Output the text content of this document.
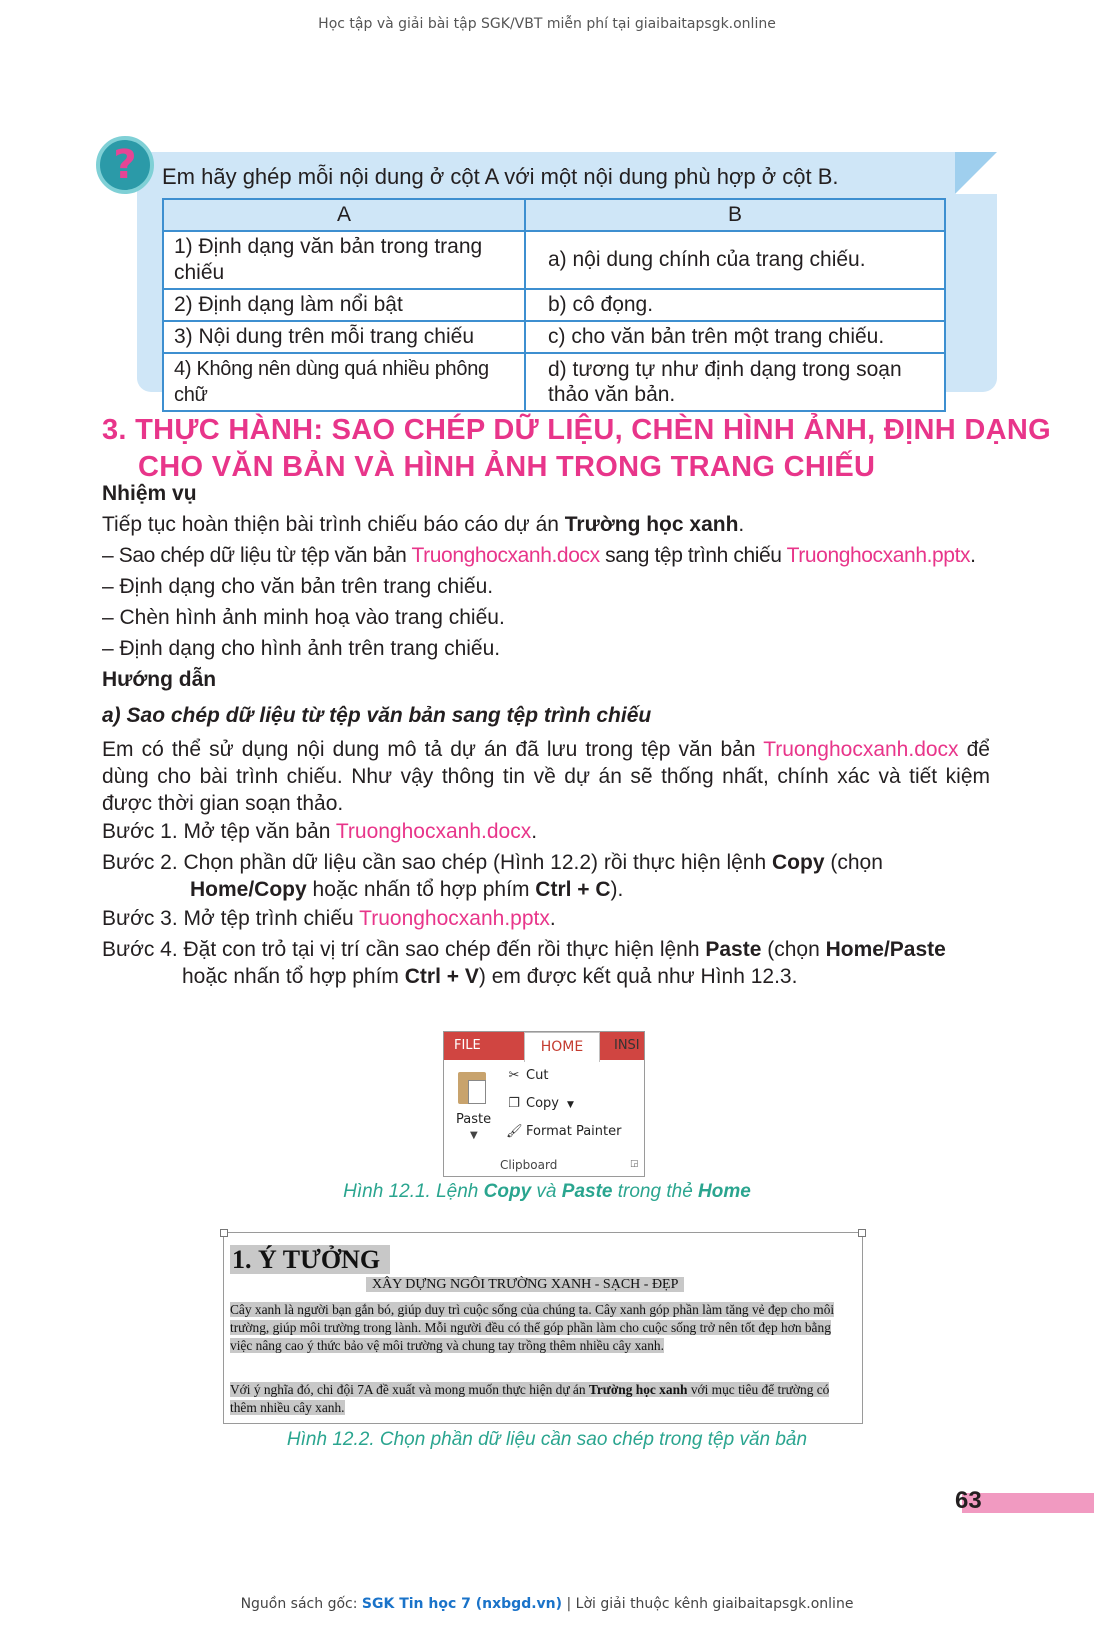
Học tập và giải bài tập SGK/VBT miễn phí tại giaibaitapsgk.online
?	Em hãy ghép mỗi nội dung ở cột A với một nội dung phù hợp ở cột B.
A	B
1) Định dạng văn bản trong trang chiếu	a) nội dung chính của trang chiếu.
2) Định dạng làm nổi bật	b) cô đọng.
3) Nội dung trên mỗi trang chiếu	c) cho văn bản trên một trang chiếu.
4) Không nên dùng quá nhiều phông chữ	d) tương tự như định dạng trong soạn thảo văn bản.
3. THỰC HÀNH: SAO CHÉP DỮ LIỆU, CHÈN HÌNH ẢNH, ĐỊNH DẠNG
CHO VĂN BẢN VÀ HÌNH ẢNH TRONG TRANG CHIẾU
Nhiệm vụ
Tiếp tục hoàn thiện bài trình chiếu báo cáo dự án Trường học xanh.
– Sao chép dữ liệu từ tệp văn bản Truonghocxanh.docx sang tệp trình chiếu Truonghocxanh.pptx.
– Định dạng cho văn bản trên trang chiếu.
– Chèn hình ảnh minh hoạ vào trang chiếu.
– Định dạng cho hình ảnh trên trang chiếu.
Hướng dẫn
a) Sao chép dữ liệu từ tệp văn bản sang tệp trình chiếu
Em có thể sử dụng nội dung mô tả dự án đã lưu trong tệp văn bản Truonghocxanh.docx để dùng cho bài trình chiếu. Như vậy thông tin về dự án sẽ thống nhất, chính xác và tiết kiệm được thời gian soạn thảo.
Bước 1. Mở tệp văn bản Truonghocxanh.docx.
Bước 2. Chọn phần dữ liệu cần sao chép (Hình 12.2) rồi thực hiện lệnh Copy (chọn
Home/Copy hoặc nhấn tổ hợp phím Ctrl + C).
Bước 3. Mở tệp trình chiếu Truonghocxanh.pptx.
Bước 4. Đặt con trỏ tại vị trí cần sao chép đến rồi thực hiện lệnh Paste (chọn Home/Paste
hoặc nhấn tổ hợp phím Ctrl + V) em được kết quả như Hình 12.3.
FILE	HOME	INSI
Paste
▼
✂ Cut
❐ Copy ▼
🖌 Format Painter
Clipboard	◲
Hình 12.1. Lệnh Copy và Paste trong thẻ Home
1. Ý TƯỞNG
XÂY DỰNG NGÔI TRƯỜNG XANH - SẠCH - ĐẸP
Cây xanh là người bạn gắn bó, giúp duy trì cuộc sống của chúng ta. Cây xanh góp phần làm tăng vẻ đẹp cho môi trường, giúp môi trường trong lành. Mỗi người đều có thể góp phần làm cho cuộc sống trở nên tốt đẹp hơn bằng việc nâng cao ý thức bảo vệ môi trường và chung tay trồng thêm nhiều cây xanh.
Với ý nghĩa đó, chi đội 7A đề xuất và mong muốn thực hiện dự án Trường học xanh với mục tiêu để trường có thêm nhiều cây xanh.
Hình 12.2. Chọn phần dữ liệu cần sao chép trong tệp văn bản
63
Nguồn sách gốc: SGK Tin học 7 (nxbgd.vn) | Lời giải thuộc kênh giaibaitapsgk.online
